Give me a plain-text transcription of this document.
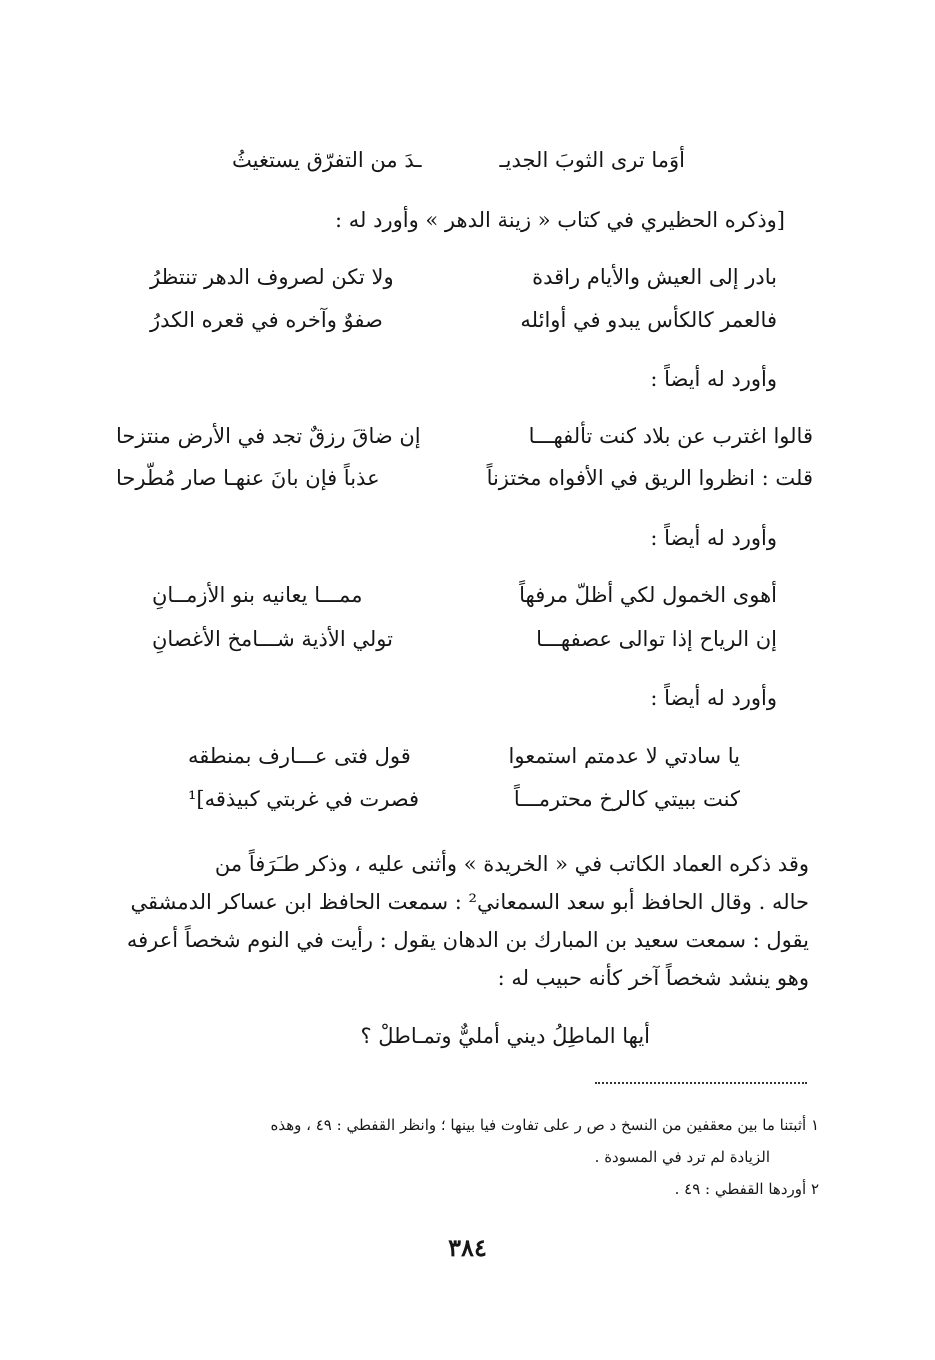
أوَما ترى الثوبَ الجديـ
ـدَ من التفرّق يستغيثُ
[وذكره الحظيري في كتاب « زينة الدهر » وأورد له :
بادر إلى العيش والأيام راقدة
ولا تكن لصروف الدهر تنتظرُ
فالعمر كالكأس يبدو في أوائله
صفوٌ وآخره في قعره الكدرُ
وأورد له أيضاً :
قالوا اغترب عن بلاد كنت تألفهـــا
إن ضاقَ رزقٌ تجد في الأرض منتزحا
قلت : انظروا الريق في الأفواه مختزناً
عذباً فإن بانَ عنهـا صار مُطّرحا
وأورد له أيضاً :
أهوى الخمول لكي أظلّ مرفهاً
ممـــا يعانيه بنو الأزمــانِ
إن الرياح إذا توالى عصفهـــا
تولي الأذية شـــامخ الأغصانِ
وأورد له أيضاً :
يا سادتي لا عدمتم استمعوا
قول فتى عـــارف بمنطقه
كنت ببيتي كالرخ محترمـــاً
فصرت في غربتي كبيذقه]¹
وقد ذكره العماد الكاتب في « الخريدة » وأثنى عليه ، وذكر طـَرَفاً من
حاله . وقال الحافظ أبو سعد السمعاني² : سمعت الحافظ ابن عساكر الدمشقي
يقول : سمعت سعيد بن المبارك بن الدهان يقول : رأيت في النوم شخصاً أعرفه
وهو ينشد شخصاً آخر كأنه حبيب له :
أيها الماطِلُ ديني أمليٌّ وتمـاطلْ ؟
١ أثبتنا ما بين معقفين من النسخ د ص ر على تفاوت فيا بينها ؛ وانظر القفطي : ٤٩ ، وهذه
الزيادة لم ترد في المسودة .
٢ أوردها القفطي : ٤٩ .
٣٨٤
